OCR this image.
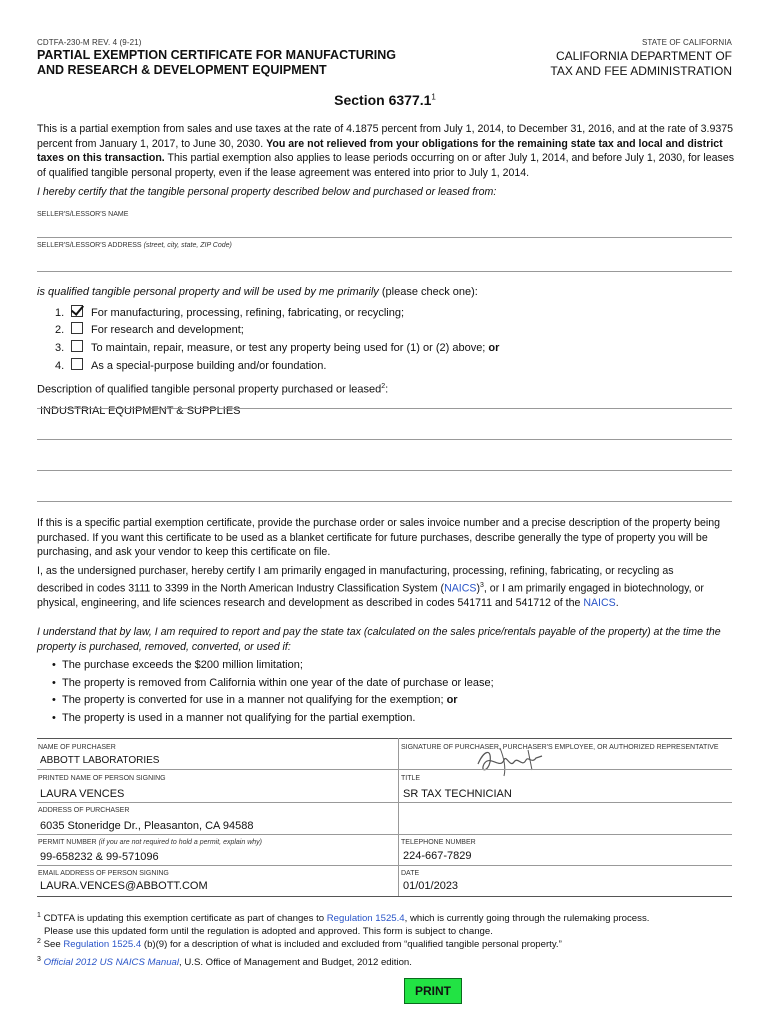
CDTFA-230-M REV. 4 (9-21)
PARTIAL EXEMPTION CERTIFICATE FOR MANUFACTURING
AND RESEARCH & DEVELOPMENT EQUIPMENT
STATE OF CALIFORNIA
CALIFORNIA DEPARTMENT OF
TAX AND FEE ADMINISTRATION
Section 6377.1$^1$
This is a partial exemption from sales and use taxes at the rate of 4.1875 percent from July 1, 2014, to December 31, 2016, and at the rate of 3.9375 percent from January 1, 2017, to June 30, 2030. You are not relieved from your obligations for the remaining state tax and local and district taxes on this transaction. This partial exemption also applies to lease periods occurring on or after July 1, 2014, and before July 1, 2030, for leases of qualified tangible personal property, even if the lease agreement was entered into prior to July 1, 2014.
I hereby certify that the tangible personal property described below and purchased or leased from:
SELLER'S/LESSOR'S NAME
SELLER'S/LESSOR'S ADDRESS (street, city, state, ZIP Code)
is qualified tangible personal property and will be used by me primarily (please check one):
1. For manufacturing, processing, refining, fabricating, or recycling;
2. For research and development;
3. To maintain, repair, measure, or test any property being used for (1) or (2) above; or
4. As a special-purpose building and/or foundation.
Description of qualified tangible personal property purchased or leased$^2$:
INDUSTRIAL EQUIPMENT & SUPPLIES
If this is a specific partial exemption certificate, provide the purchase order or sales invoice number and a precise description of the property being purchased. If you want this certificate to be used as a blanket certificate for future purchases, describe generally the type of property you will be purchasing, and ask your vendor to keep this certificate on file.
I, as the undersigned purchaser, hereby certify I am primarily engaged in manufacturing, processing, refining, fabricating, or recycling as described in codes 3111 to 3399 in the North American Industry Classification System (NAICS)$^3$, or I am primarily engaged in biotechnology, or physical, engineering, and life sciences research and development as described in codes 541711 and 541712 of the NAICS.
I understand that by law, I am required to report and pay the state tax (calculated on the sales price/rentals payable of the property) at the time the property is purchased, removed, converted, or used if:
•  The purchase exceeds the $200 million limitation;
•  The property is removed from California within one year of the date of purchase or lease;
•  The property is converted for use in a manner not qualifying for the exemption; or
•  The property is used in a manner not qualifying for the partial exemption.
NAME OF PURCHASER
ABBOTT LABORATORIES
SIGNATURE OF PURCHASER, PURCHASER'S EMPLOYEE, OR AUTHORIZED REPRESENTATIVE
PRINTED NAME OF PERSON SIGNING
LAURA VENCES
TITLE
SR TAX TECHNICIAN
ADDRESS OF PURCHASER
6035 Stoneridge Dr., Pleasanton, CA 94588
PERMIT NUMBER (if you are not required to hold a permit, explain why)
99-658232 & 99-571096
TELEPHONE NUMBER
224-667-7829
EMAIL ADDRESS OF PERSON SIGNING
LAURA.VENCES@ABBOTT.COM
DATE
01/01/2023
$^1$ CDTFA is updating this exemption certificate as part of changes to Regulation 1525.4, which is currently going through the rulemaking process.
Please use this updated form until the regulation is adopted and approved. This form is subject to change.
$^2$ See Regulation 1525.4 (b)(9) for a description of what is included and excluded from “qualified tangible personal property.”
$^3$ Official 2012 US NAICS Manual, U.S. Office of Management and Budget, 2012 edition.
PRINT
